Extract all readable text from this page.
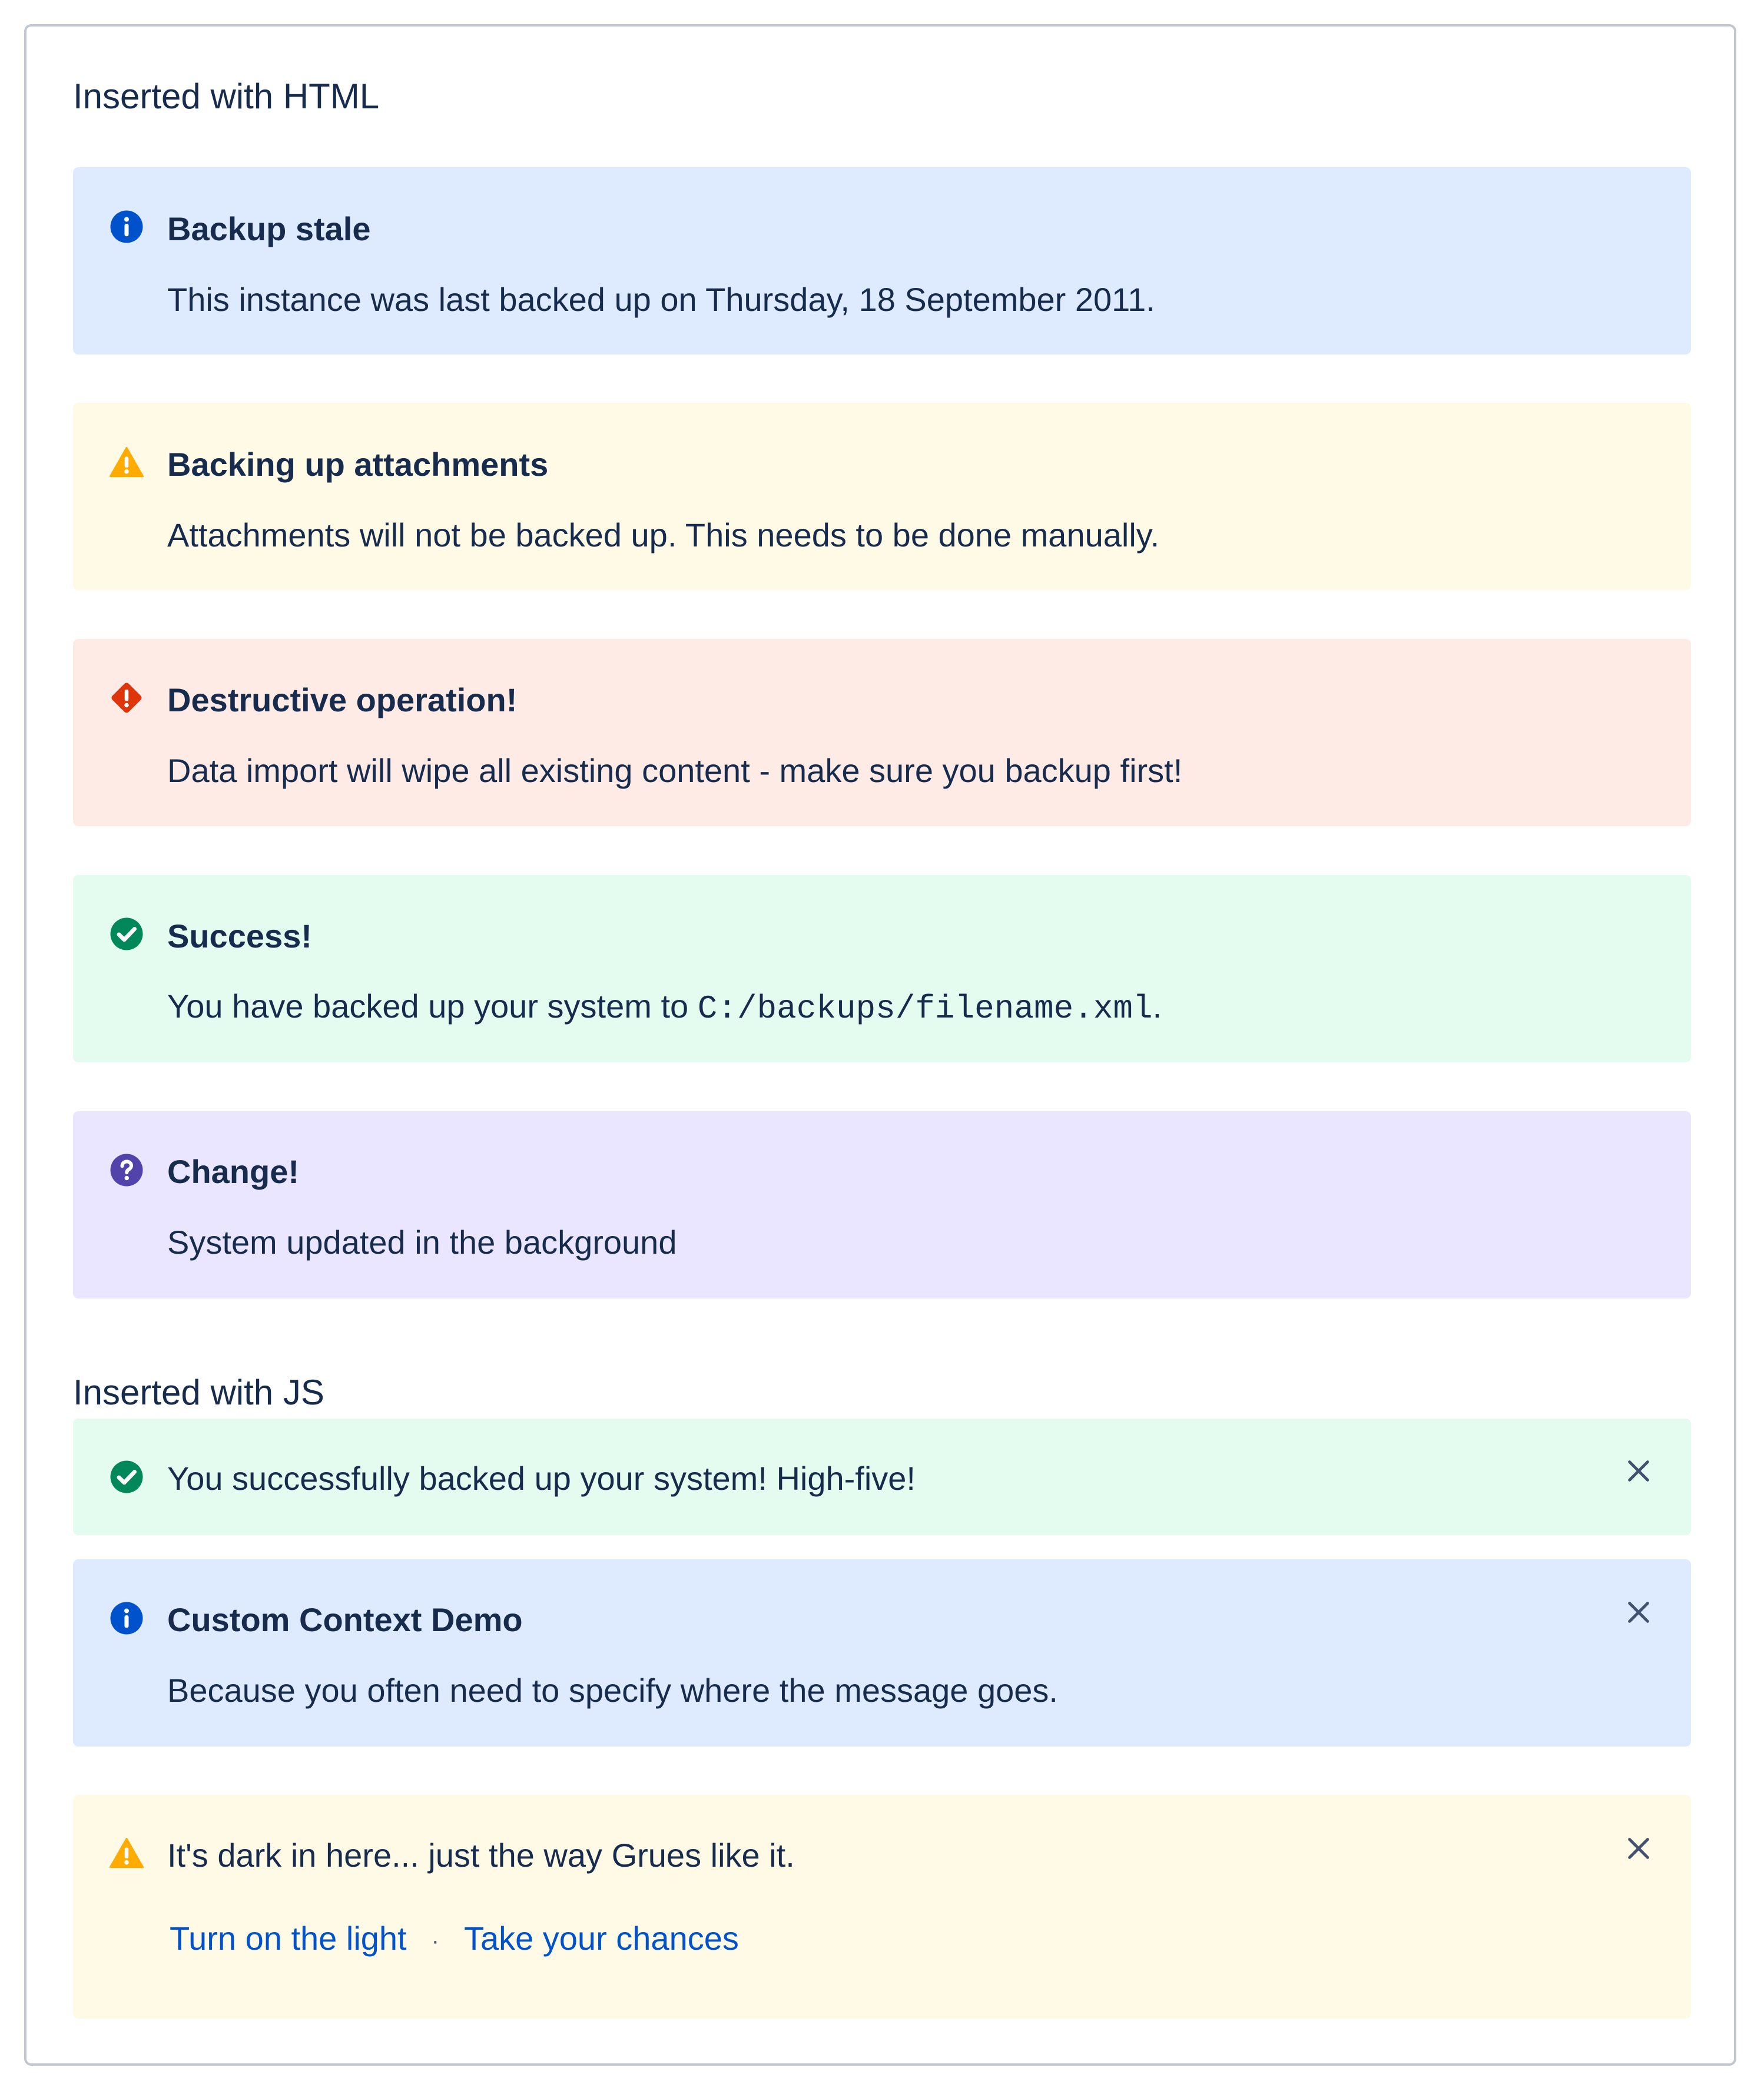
Inserted with HTML
Backup stale
This instance was last backed up on Thursday, 18 September 2011.
Backing up attachments
Attachments will not be backed up. This needs to be done manually.
Destructive operation!
Data import will wipe all existing content - make sure you backup first!
Success!
You have backed up your system to C:/backups/filename.xml.
Change!
System updated in the background
Inserted with JS
You successfully backed up your system! High-five!
Custom Context Demo
Because you often need to specify where the message goes.
It's dark in here... just the way Grues like it.
Turn on the light · Take your chances
